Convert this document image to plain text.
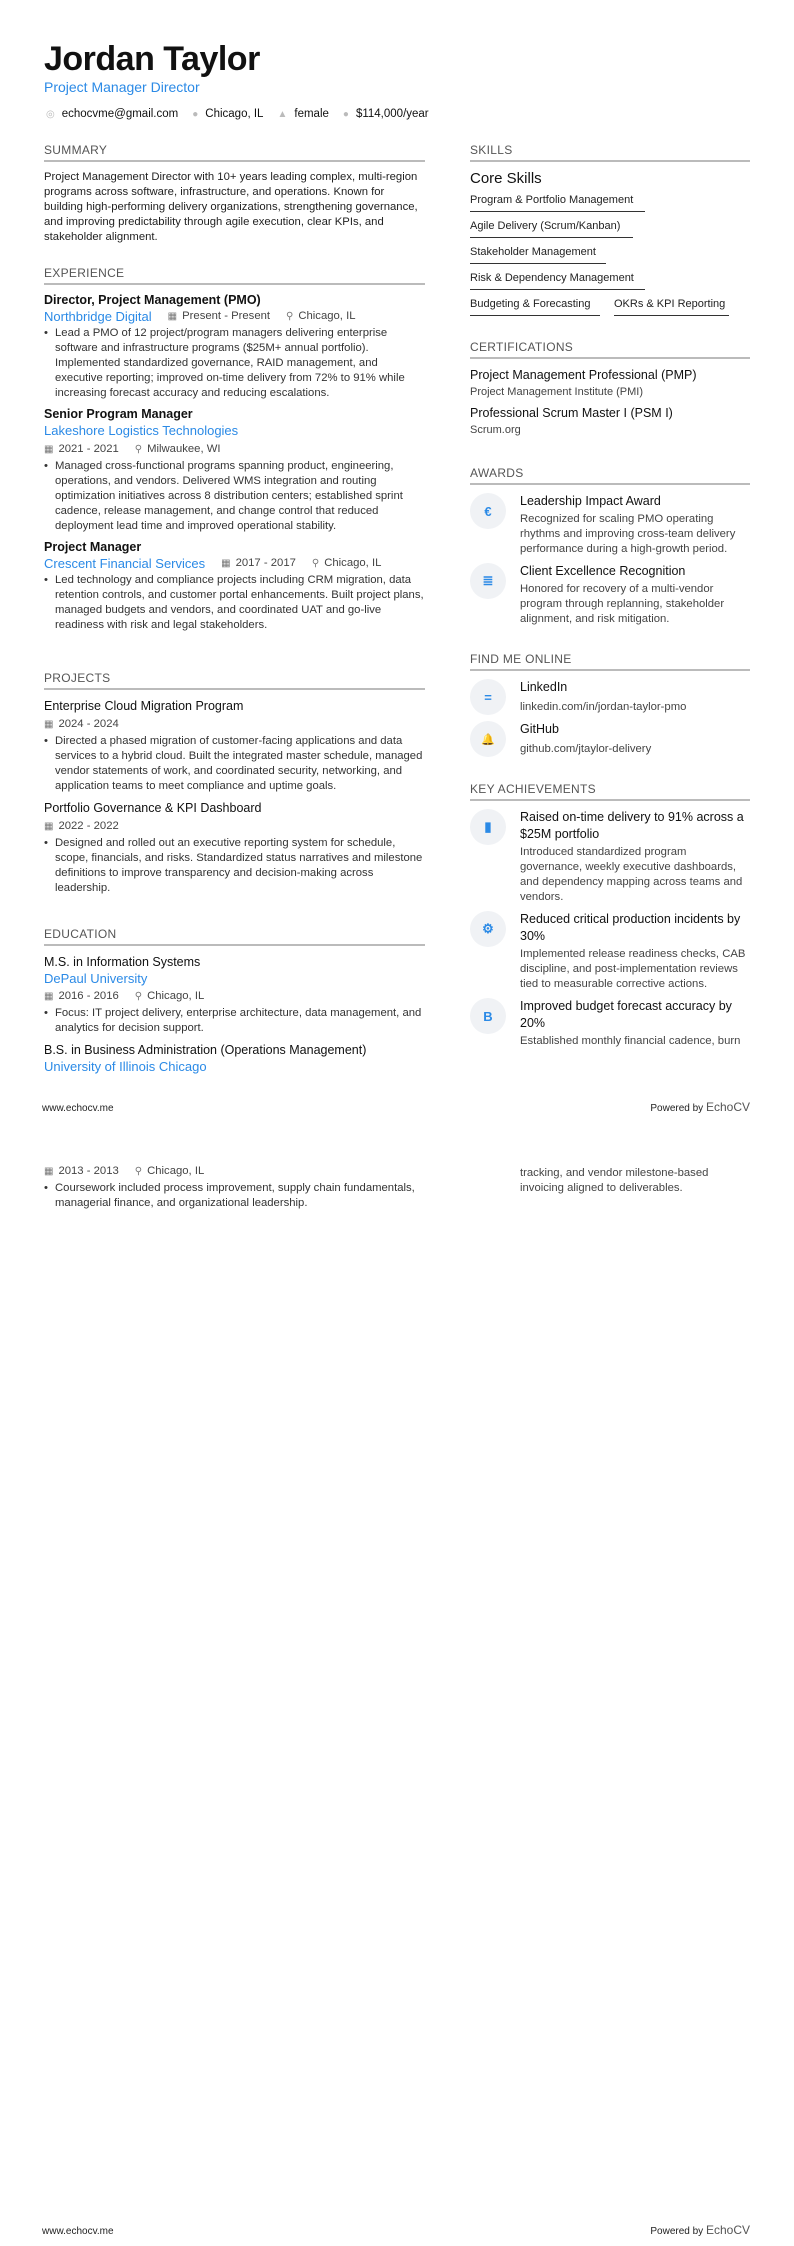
Jordan Taylor
Project Manager Director
◎ echocvme@gmail.com ● Chicago, IL ▲ female ● $114,000/year
SUMMARY
Project Management Director with 10+ years leading complex, multi-region programs across software, infrastructure, and operations. Known for building high-performing delivery organizations, strengthening governance, and improving predictability through agile execution, clear KPIs, and stakeholder alignment.
EXPERIENCE
Director, Project Management (PMO)
Northbridge Digital ▦ Present - Present ⚲ Chicago, IL
• Lead a PMO of 12 project/program managers delivering enterprise software and infrastructure programs ($25M+ annual portfolio). Implemented standardized governance, RAID management, and executive reporting; improved on-time delivery from 72% to 91% while increasing forecast accuracy and reducing escalations.
Senior Program Manager
Lakeshore Logistics Technologies
▦ 2021 - 2021 ⚲ Milwaukee, WI
• Managed cross-functional programs spanning product, engineering, operations, and vendors. Delivered WMS integration and routing optimization initiatives across 8 distribution centers; established sprint cadence, release management, and change control that reduced deployment lead time and improved operational stability.
Project Manager
Crescent Financial Services ▦ 2017 - 2017 ⚲ Chicago, IL
• Led technology and compliance projects including CRM migration, data retention controls, and customer portal enhancements. Built project plans, managed budgets and vendors, and coordinated UAT and go-live readiness with risk and legal stakeholders.
PROJECTS
Enterprise Cloud Migration Program
▦ 2024 - 2024
• Directed a phased migration of customer-facing applications and data services to a hybrid cloud. Built the integrated master schedule, managed vendor statements of work, and coordinated security, networking, and application teams to meet compliance and uptime goals.
Portfolio Governance & KPI Dashboard
▦ 2022 - 2022
• Designed and rolled out an executive reporting system for schedule, scope, financials, and risks. Standardized status narratives and milestone definitions to improve transparency and decision-making across leadership.
EDUCATION
M.S. in Information Systems
DePaul University
▦ 2016 - 2016 ⚲ Chicago, IL
• Focus: IT project delivery, enterprise architecture, data management, and analytics for decision support.
B.S. in Business Administration (Operations Management)
University of Illinois Chicago
▦ 2013 - 2013 ⚲ Chicago, IL
• Coursework included process improvement, supply chain fundamentals, managerial finance, and organizational leadership.
SKILLS
Core Skills
Program & Portfolio Management
Agile Delivery (Scrum/Kanban)
Stakeholder Management
Risk & Dependency Management
Budgeting & Forecasting	OKRs & KPI Reporting
CERTIFICATIONS
Project Management Professional (PMP)
Project Management Institute (PMI)
Professional Scrum Master I (PSM I)
Scrum.org
AWARDS
€
Leadership Impact Award
Recognized for scaling PMO operating rhythms and improving cross-team delivery performance during a high-growth period.
≣
Client Excellence Recognition
Honored for recovery of a multi-vendor program through replanning, stakeholder alignment, and risk mitigation.
FIND ME ONLINE
=
LinkedIn
linkedin.com/in/jordan-taylor-pmo
🔔
GitHub
github.com/jtaylor-delivery
KEY ACHIEVEMENTS
▮
Raised on-time delivery to 91% across a $25M portfolio
Introduced standardized program governance, weekly executive dashboards, and dependency mapping across teams and vendors.
⚙
Reduced critical production incidents by 30%
Implemented release readiness checks, CAB discipline, and post-implementation reviews tied to measurable corrective actions.
B
Improved budget forecast accuracy by 20%
Established monthly financial cadence, burn
tracking, and vendor milestone-based invoicing aligned to deliverables.
www.echocv.me	Powered by EchoCV
www.echocv.me	Powered by EchoCV
